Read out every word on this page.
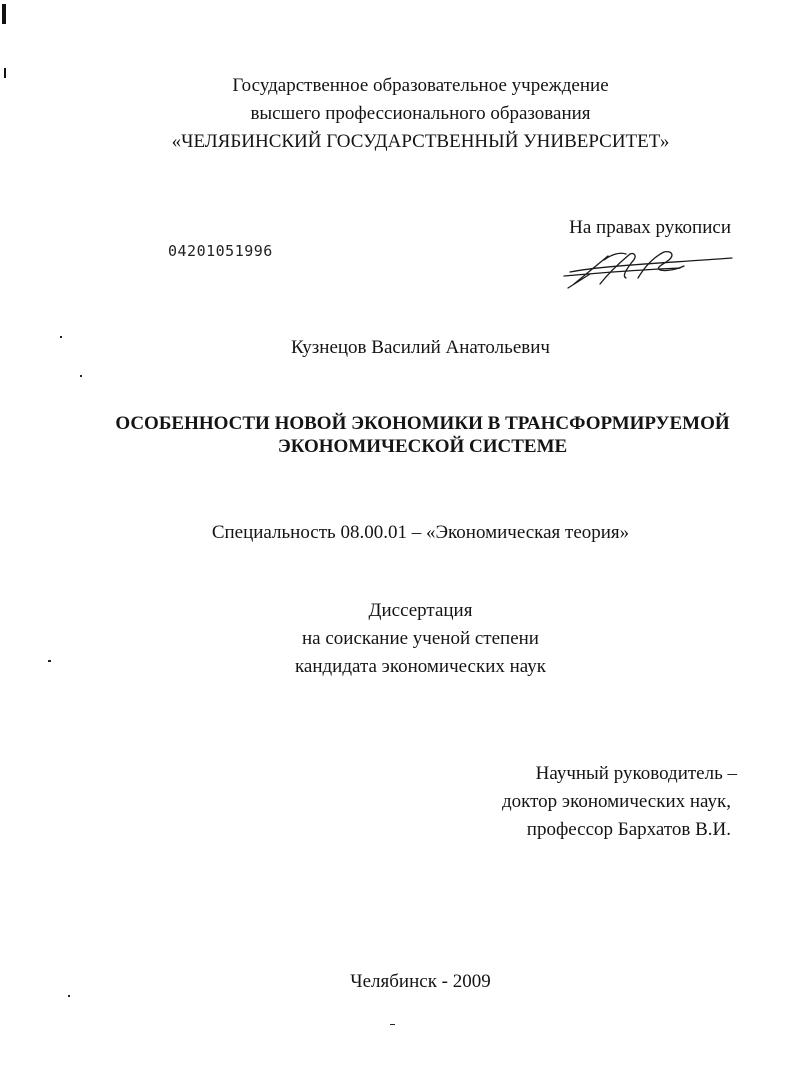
Государственное образовательное учреждение
высшего профессионального образования
«ЧЕЛЯБИНСКИЙ ГОСУДАРСТВЕННЫЙ УНИВЕРСИТЕТ»
На правах рукописи
04201051996
Кузнецов Василий Анатольевич
ОСОБЕННОСТИ НОВОЙ ЭКОНОМИКИ В ТРАНСФОРМИРУЕМОЙ
ЭКОНОМИЧЕСКОЙ СИСТЕМЕ
Специальность 08.00.01 – «Экономическая теория»
Диссертация
на соискание ученой степени
кандидата экономических наук
Научный руководитель –
доктор экономических наук,
профессор Бархатов В.И.
Челябинск - 2009
